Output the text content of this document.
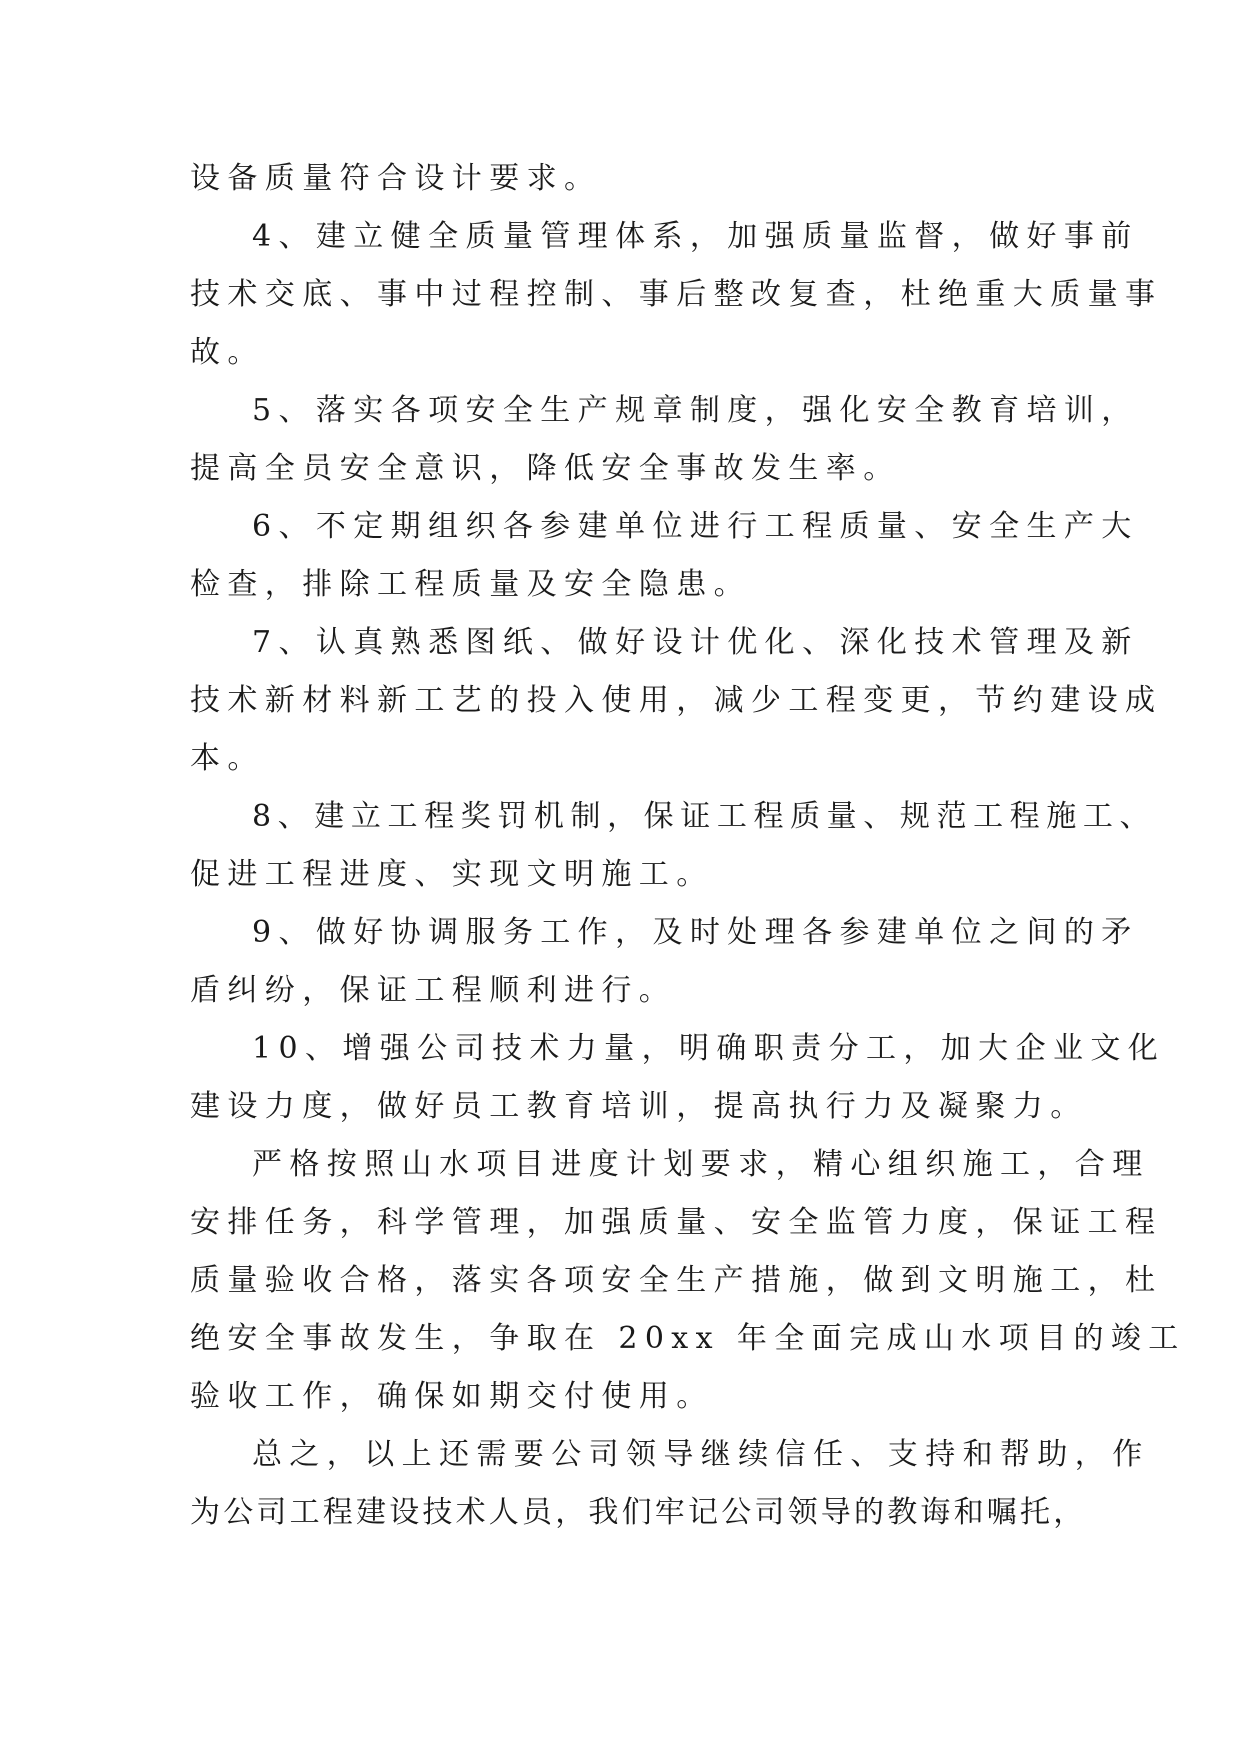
设备质量符合设计要求。
4、建立健全质量管理体系，加强质量监督，做好事前
技术交底、事中过程控制、事后整改复查，杜绝重大质量事
故。
5、落实各项安全生产规章制度，强化安全教育培训，
提高全员安全意识，降低安全事故发生率。
6、不定期组织各参建单位进行工程质量、安全生产大
检查，排除工程质量及安全隐患。
7、认真熟悉图纸、做好设计优化、深化技术管理及新
技术新材料新工艺的投入使用，减少工程变更，节约建设成
本。
8、建立工程奖罚机制，保证工程质量、规范工程施工、
促进工程进度、实现文明施工。
9、做好协调服务工作，及时处理各参建单位之间的矛
盾纠纷，保证工程顺利进行。
10、增强公司技术力量，明确职责分工，加大企业文化
建设力度，做好员工教育培训，提高执行力及凝聚力。
严格按照山水项目进度计划要求，精心组织施工，合理
安排任务，科学管理，加强质量、安全监管力度，保证工程
质量验收合格，落实各项安全生产措施，做到文明施工，杜
绝安全事故发生，争取在 20xx 年全面完成山水项目的竣工
验收工作，确保如期交付使用。
总之，以上还需要公司领导继续信任、支持和帮助，作
为公司工程建设技术人员，我们牢记公司领导的教诲和嘱托，
